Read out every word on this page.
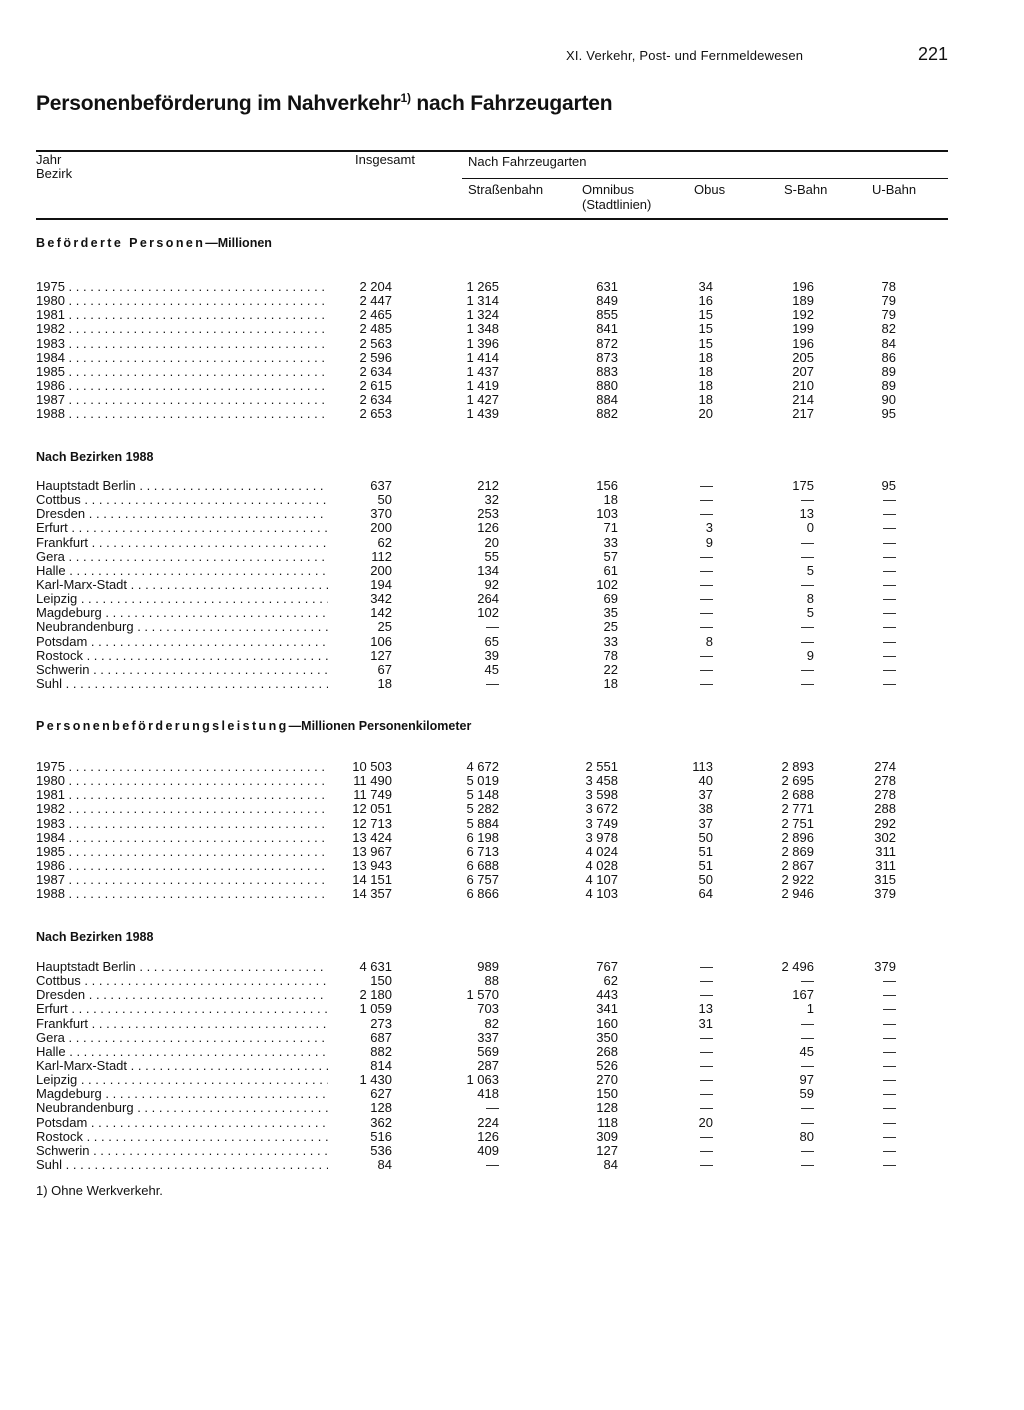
XI. Verkehr, Post- und Fernmeldewesen	221
Personenbeförderung im Nahverkehr$^{1)}$ nach Fahrzeugarten
Jahr
Bezirk
Insgesamt	Nach Fahrzeugarten
Straßenbahn	Omnibus
(Stadtlinien)
Obus	S-Bahn	U-Bahn
Beförderte Personen—Millionen
1975 . . .	2 204	1 265	631	34	196	78
1980 . . .	2 447	1 314	849	16	189	79
1981 . . .	2 465	1 324	855	15	192	79
1982 . . .	2 485	1 348	841	15	199	82
1983 . . .	2 563	1 396	872	15	196	84
1984 . . .	2 596	1 414	873	18	205	86
1985 . . .	2 634	1 437	883	18	207	89
1986 . . .	2 615	1 419	880	18	210	89
1987 . . .	2 634	1 427	884	18	214	90
1988 . . .	2 653	1 439	882	20	217	95
Nach Bezirken 1988
Hauptstadt Berlin . . .	637	212	156	—	175	95
Cottbus . . .	50	32	18	—	—	—
Dresden . . .	370	253	103	—	13	—
Erfurt . . .	200	126	71	3	0	—
Frankfurt . . .	62	20	33	9	—	—
Gera . . .	112	55	57	—	—	—
Halle . . .	200	134	61	—	5	—
Karl-Marx-Stadt . . .	194	92	102	—	—	—
Leipzig . . .	342	264	69	—	8	—
Magdeburg . . .	142	102	35	—	5	—
Neubrandenburg . . .	25	—	25	—	—	—
Potsdam . . .	106	65	33	8	—	—
Rostock . . .	127	39	78	—	9	—
Schwerin . . .	67	45	22	—	—	—
Suhl . . .	18	—	18	—	—	—
Personenbeförderungsleistung—Millionen Personenkilometer
1975 . . .	10 503	4 672	2 551	113	2 893	274
1980 . . .	11 490	5 019	3 458	40	2 695	278
1981 . . .	11 749	5 148	3 598	37	2 688	278
1982 . . .	12 051	5 282	3 672	38	2 771	288
1983 . . .	12 713	5 884	3 749	37	2 751	292
1984 . . .	13 424	6 198	3 978	50	2 896	302
1985 . . .	13 967	6 713	4 024	51	2 869	311
1986 . . .	13 943	6 688	4 028	51	2 867	311
1987 . . .	14 151	6 757	4 107	50	2 922	315
1988 . . .	14 357	6 866	4 103	64	2 946	379
Nach Bezirken 1988
Hauptstadt Berlin . . .	4 631	989	767	—	2 496	379
Cottbus . . .	150	88	62	—	—	—
Dresden . . .	2 180	1 570	443	—	167	—
Erfurt . . .	1 059	703	341	13	1	—
Frankfurt . . .	273	82	160	31	—	—
Gera . . .	687	337	350	—	—	—
Halle . . .	882	569	268	—	45	—
Karl-Marx-Stadt . . .	814	287	526	—	—	—
Leipzig . . .	1 430	1 063	270	—	97	—
Magdeburg . . .	627	418	150	—	59	—
Neubrandenburg . . .	128	—	128	—	—	—
Potsdam . . .	362	224	118	20	—	—
Rostock . . .	516	126	309	—	80	—
Schwerin . . .	536	409	127	—	—	—
Suhl . . .	84	—	84	—	—	—
1) Ohne Werkverkehr.
